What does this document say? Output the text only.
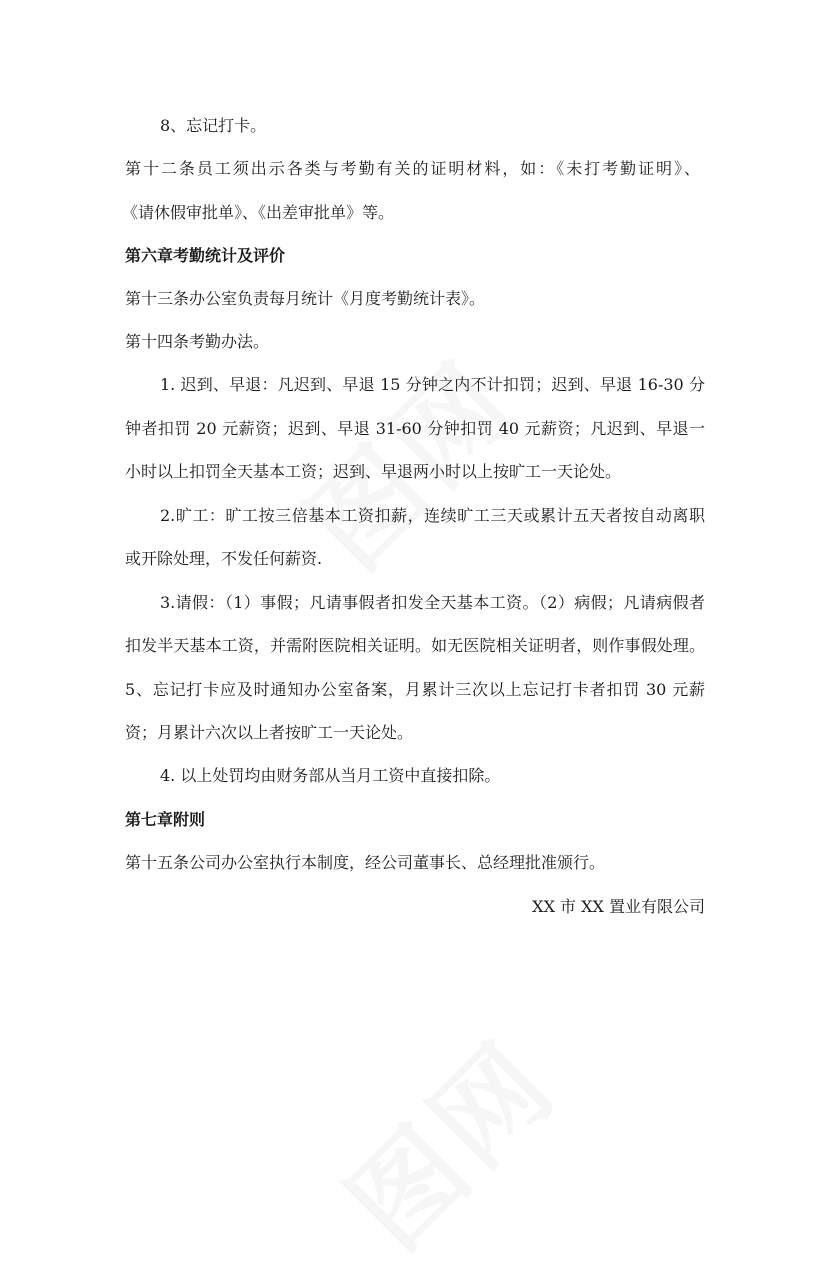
8、忘记打卡。
第十二条员工须出示各类与考勤有关的证明材料，如：《未打考勤证明》、
《请休假审批单》、《出差审批单》等。
第六章考勤统计及评价
第十三条办公室负责每月统计《月度考勤统计表》。
第十四条考勤办法。
1. 迟到、早退：凡迟到、早退 15 分钟之内不计扣罚；迟到、早退 16-30 分
钟者扣罚 20 元薪资；迟到、早退 31-60 分钟扣罚 40 元薪资；凡迟到、早退一
小时以上扣罚全天基本工资；迟到、早退两小时以上按旷工一天论处。
2.旷工：旷工按三倍基本工资扣薪，连续旷工三天或累计五天者按自动离职
或开除处理，不发任何薪资.
3.请假：（1）事假；凡请事假者扣发全天基本工资。（2）病假；凡请病假者
扣发半天基本工资，并需附医院相关证明。如无医院相关证明者，则作事假处理。
5、忘记打卡应及时通知办公室备案，月累计三次以上忘记打卡者扣罚 30 元薪
资；月累计六次以上者按旷工一天论处。
4. 以上处罚均由财务部从当月工资中直接扣除。
第七章附则
第十五条公司办公室执行本制度，经公司董事长、总经理批准颁行。
XX 市 XX 置业有限公司
